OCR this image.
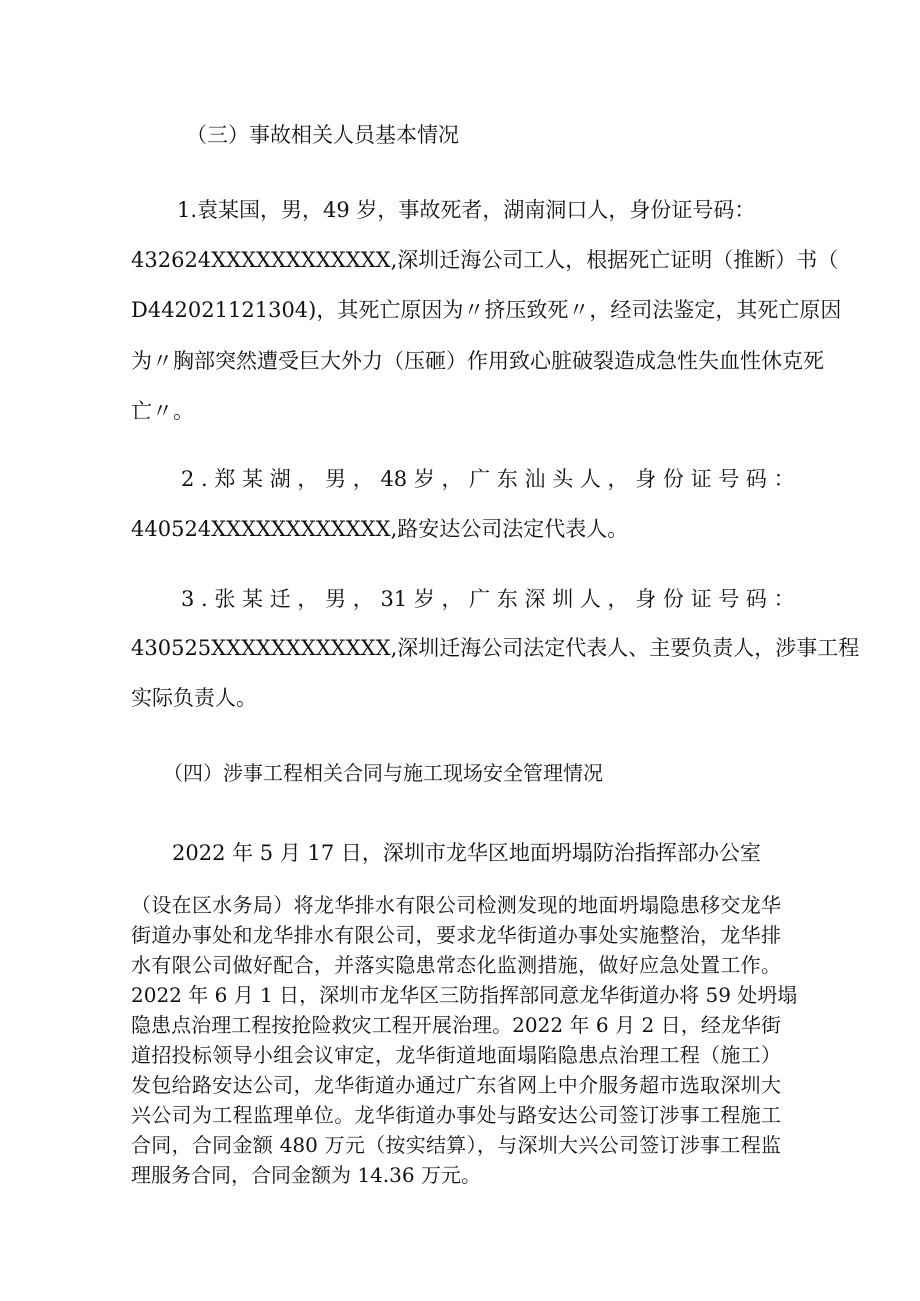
（三）事故相关人员基本情况
1.袁某国，男，49 岁，事故死者，湖南洞口人，身份证号码：
432624XXXXXXXXXXXX,深圳迁海公司工人，根据死亡证明（推断）书（
D442021121304)，其死亡原因为〃挤压致死〃，经司法鉴定，其死亡原因
为〃胸部突然遭受巨大外力（压砸）作用致心脏破裂造成急性失血性休克死
亡〃。
2 . 郑 某 湖 ， 男 ， 48 岁 ， 广 东 汕 头 人 ， 身 份 证 号 码 ：
440524XXXXXXXXXXXX,路安达公司法定代表人。
3 . 张 某 迁 ， 男 ， 31 岁 ， 广 东 深 圳 人 ， 身 份 证 号 码 ：
430525XXXXXXXXXXXX,深圳迁海公司法定代表人、主要负责人，涉事工程
实际负责人。
（四）涉事工程相关合同与施工现场安全管理情况
2022 年 5 月 17 日，深圳市龙华区地面坍塌防治指挥部办公室
（设在区水务局）将龙华排水有限公司检测发现的地面坍塌隐患移交龙华
街道办事处和龙华排水有限公司，要求龙华街道办事处实施整治，龙华排
水有限公司做好配合，并落实隐患常态化监测措施，做好应急处置工作。
2022 年 6 月 1 日，深圳市龙华区三防指挥部同意龙华街道办将 59 处坍塌
隐患点治理工程按抢险救灾工程开展治理。2022 年 6 月 2 日，经龙华街
道招投标领导小组会议审定，龙华街道地面塌陷隐患点治理工程（施工）
发包给路安达公司，龙华街道办通过广东省网上中介服务超市选取深圳大
兴公司为工程监理单位。龙华街道办事处与路安达公司签订涉事工程施工
合同，合同金额 480 万元（按实结算），与深圳大兴公司签订涉事工程监
理服务合同，合同金额为 14.36 万元。
